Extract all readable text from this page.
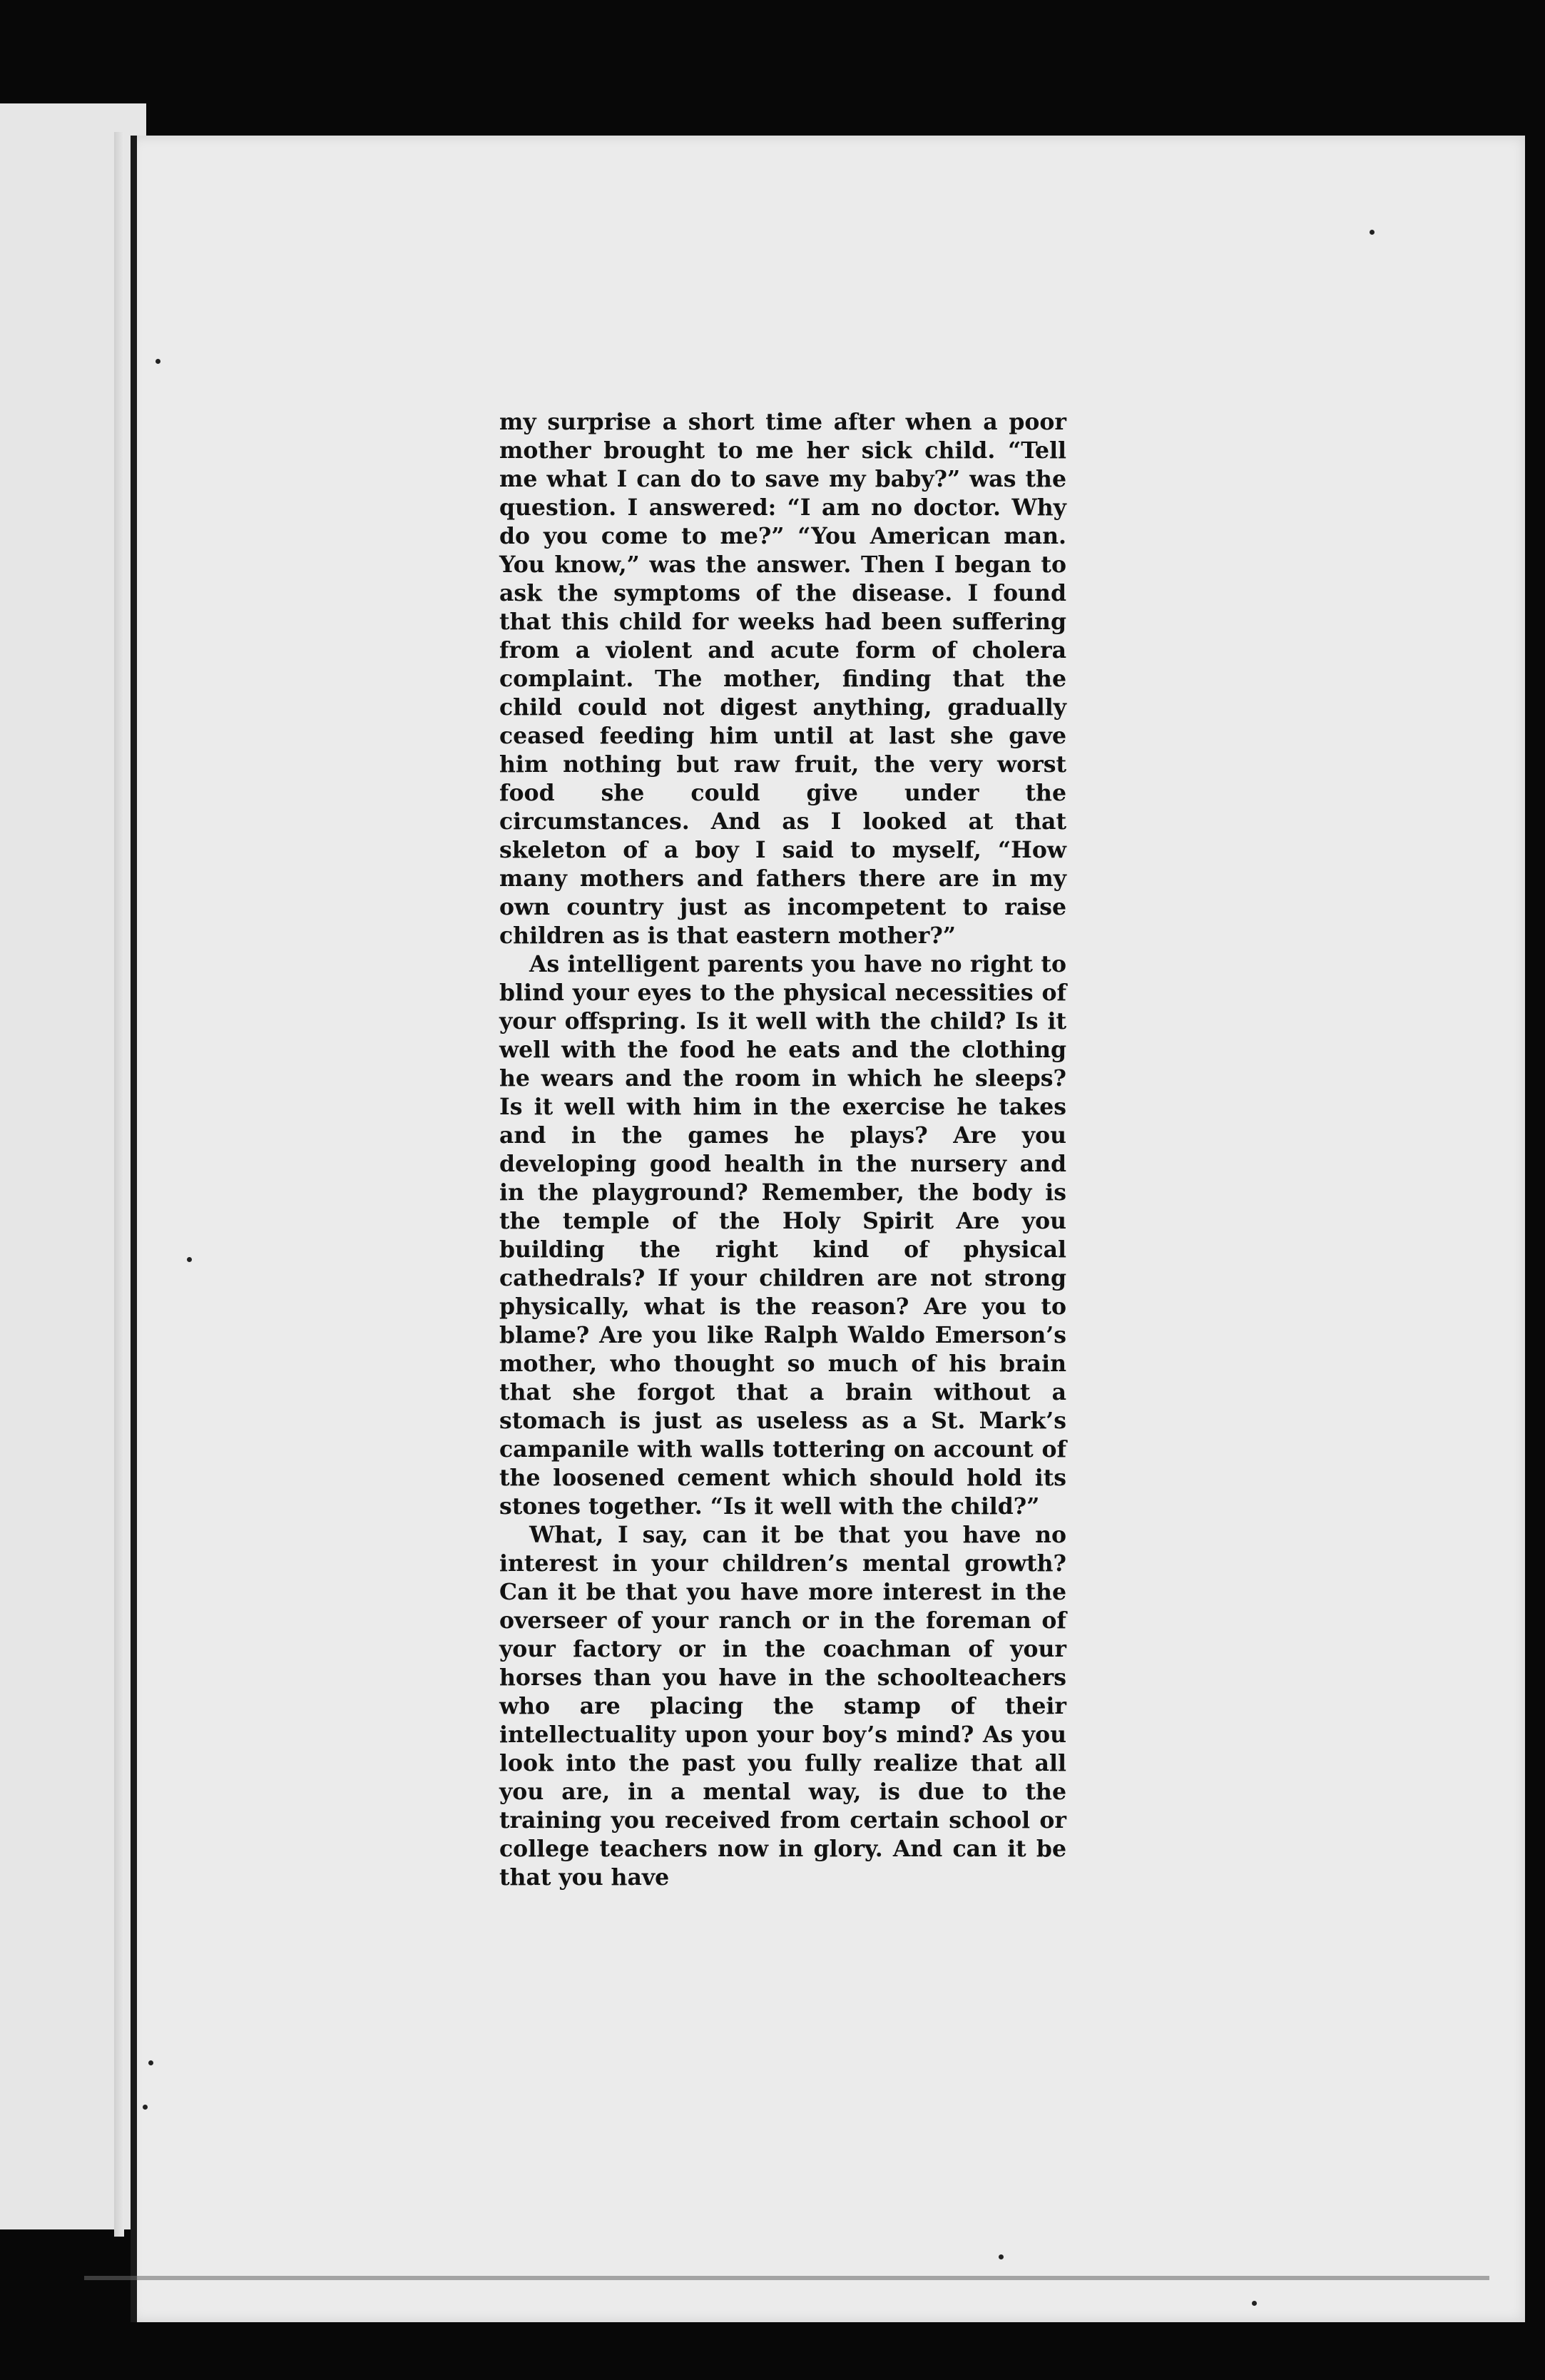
my surprise a short time after when a poor mother brought to me her sick child. “Tell me what I can do to save my baby?” was the question. I answered: “I am no doctor. Why do you come to me?” “You American man. You know,” was the answer. Then I began to ask the symptoms of the disease. I found that this child for weeks had been suffering from a violent and acute form of cholera complaint. The mother, finding that the child could not digest anything, gradually ceased feeding him until at last she gave him nothing but raw fruit, the very worst food she could give under the circumstances. And as I looked at that skeleton of a boy I said to myself, “How many mothers and fathers there are in my own country just as incompetent to raise children as is that eastern mother?”

As intelligent parents you have no right to blind your eyes to the physical necessities of your offspring. Is it well with the child? Is it well with the food he eats and the clothing he wears and the room in which he sleeps? Is it well with him in the exercise he takes and in the games he plays? Are you developing good health in the nursery and in the playground? Remember, the body is the temple of the Holy Spirit Are you building the right kind of physical cathedrals? If your children are not strong physically, what is the reason? Are you to blame? Are you like Ralph Waldo Emerson’s mother, who thought so much of his brain that she forgot that a brain without a stomach is just as useless as a St. Mark’s campanile with walls tottering on account of the loosened cement which should hold its stones together. “Is it well with the child?”

What, I say, can it be that you have no interest in your children’s mental growth? Can it be that you have more interest in the overseer of your ranch or in the foreman of your factory or in the coachman of your horses than you have in the schoolteachers who are placing the stamp of their intellectuality upon your boy’s mind? As you look into the past you fully realize that all you are, in a mental way, is due to the training you received from certain school or college teachers now in glory. And can it be that you have
